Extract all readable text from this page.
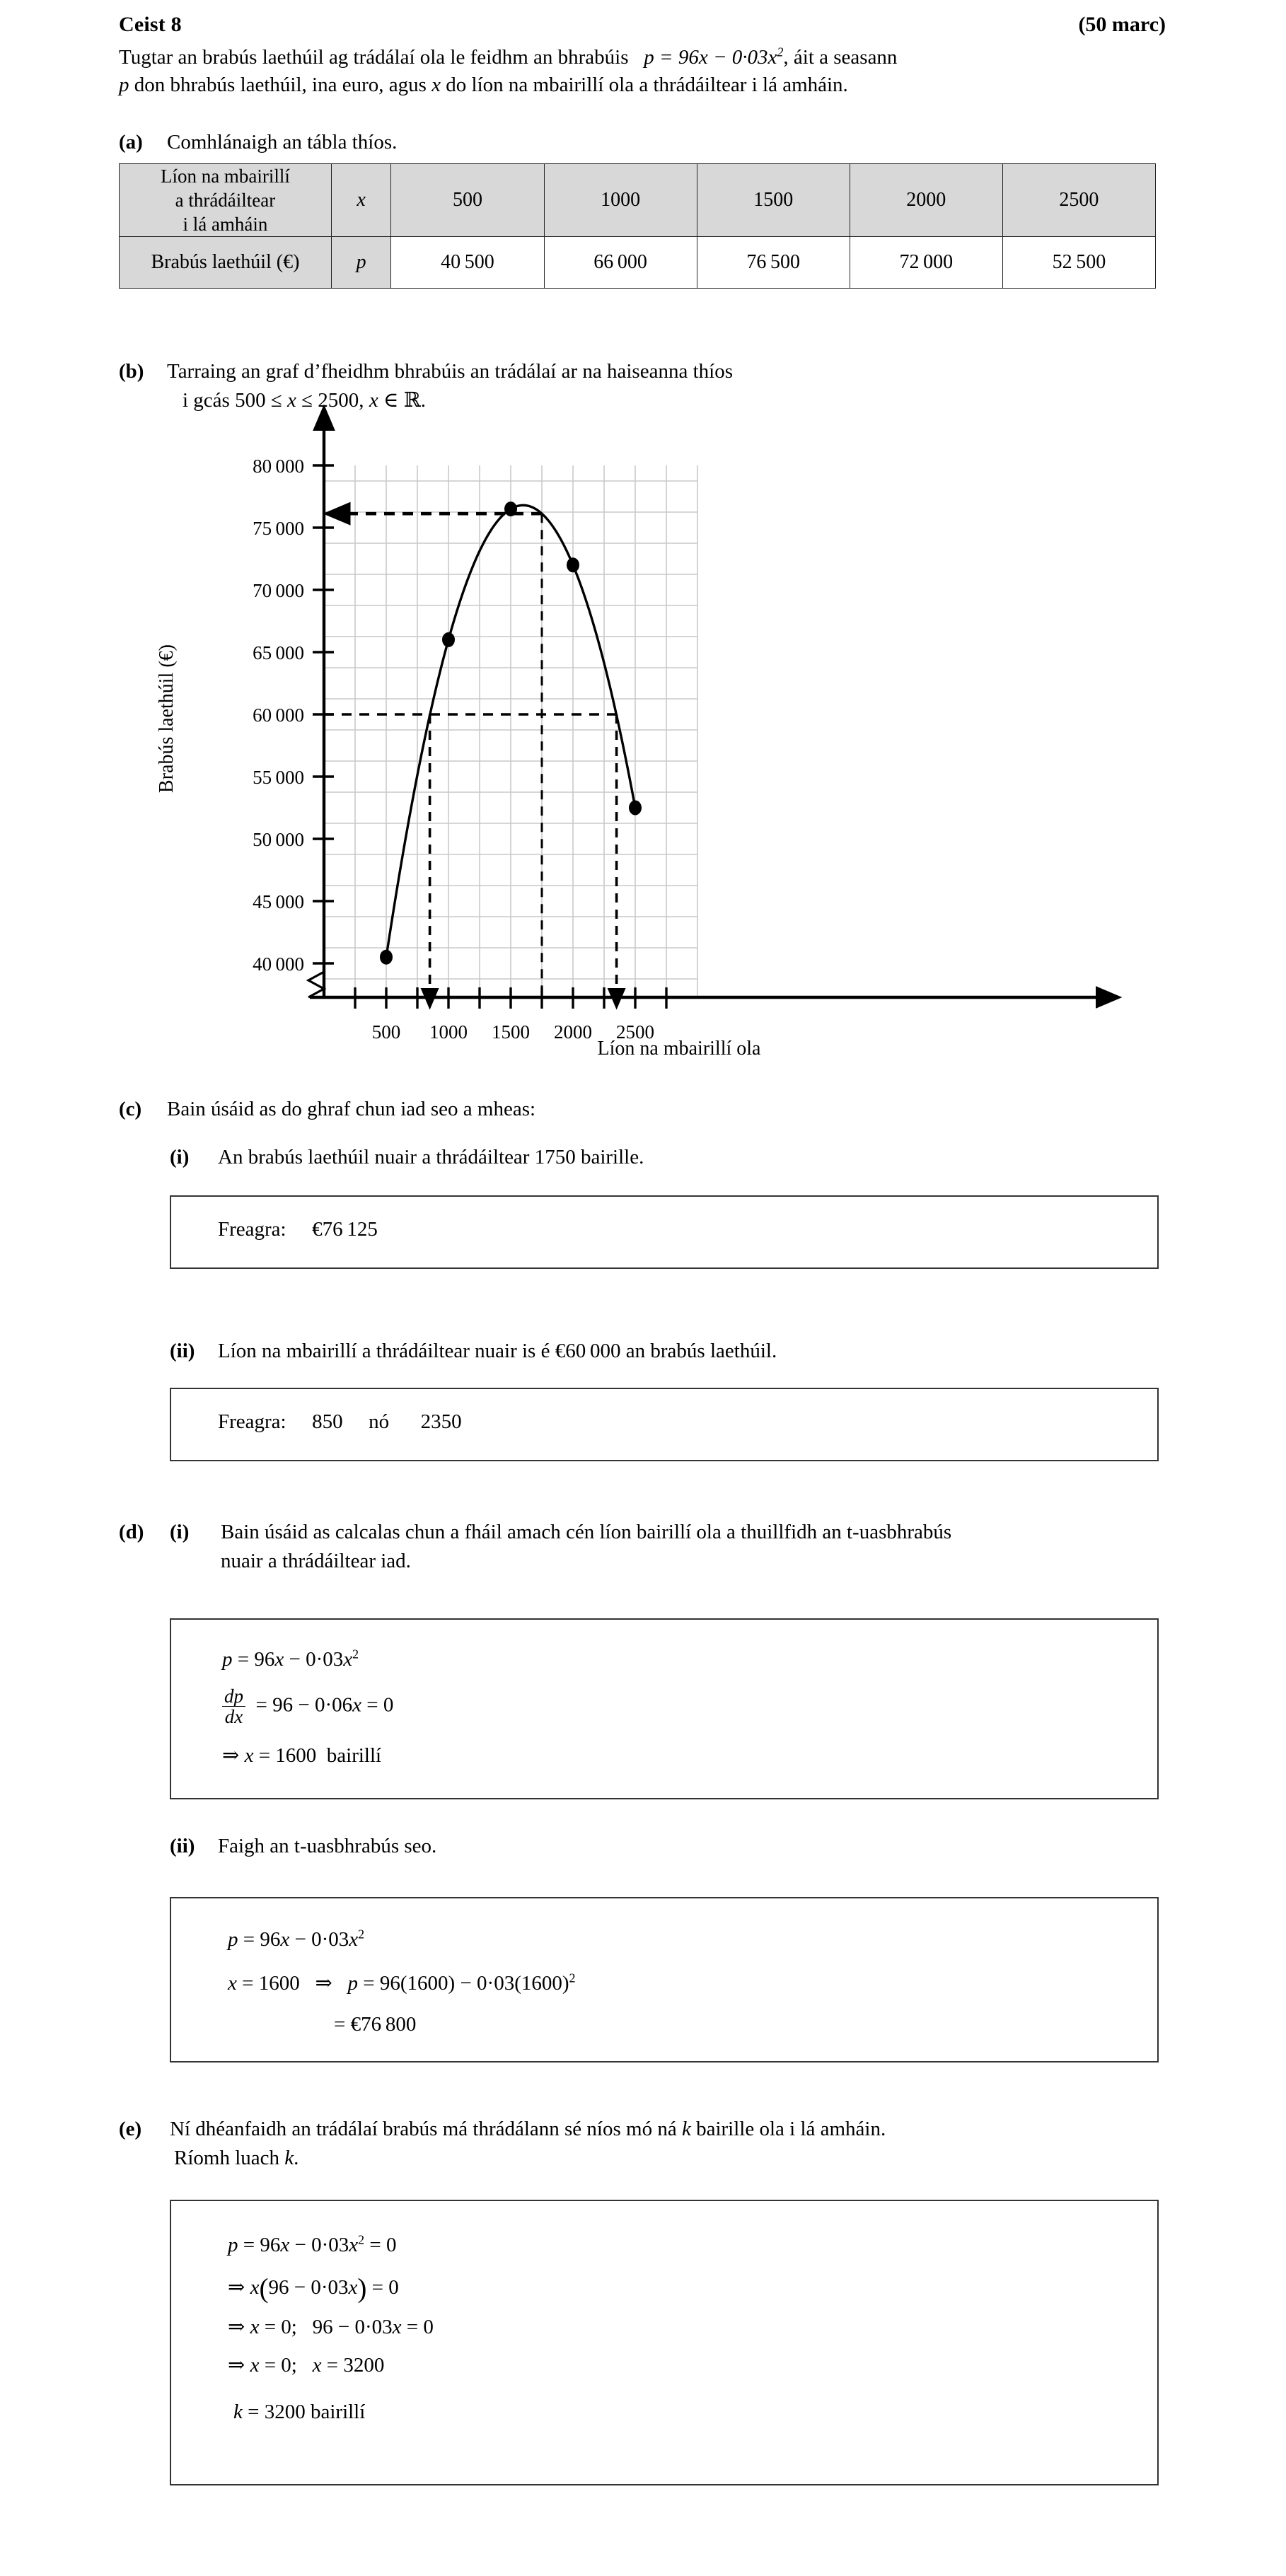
Ceist 8	(50 marc)
Tugtar an brabús lae​thúil ag trádálaí ola le feidhm an bhrabúis $p = 96x - 0\cdot 03x^2$, áit a seasann
p don bhrabús laethúil, ina euro, agus x do líon na mbairillí ola a thrádáiltear i lá amháin.
(a) Comhlánaigh an tábla thíos.
Líon na mbairillí
a thrádáiltear
i lá amháin	x	500	1000	1500	2000	2500
Brabús laethúil (€)	p	40 500	66 000	76 500	72 000	52 500
(b) Tarraing an graf d’fheidhm bhrabúis an trádálaí ar na haiseanna thíos
i gcás 500 ≤ x ≤ 2500, x ∈ ℝ.
40 000
45 000
50 000
55 000
60 000
65 000
70 000
75 000
80 000
500 1000 1500 2000 2500
Brabús laethúil (€)
Líon na mbairillí ola
(c) Bain úsáid as do ghraf chun iad seo a mheas:
(i) An brabús laethúil nuair a thrádáiltear 1750 bairille.
Freagra: €76 125
(ii) Líon na mbairillí a thrádáiltear nuair is é €60 000 an brabús laethúil.
Freagra: 850 nó 2350
(d) (i) Bain úsáid as calcalas chun a fháil amach cén líon bairillí ola a thuillfidh an t-uasbhrabús
nuair a thrádáiltear iad.
$p = 96x - 0\cdot 03x^2$
$\frac{dp}{dx} = 96 - 0\cdot 06x = 0$
⇒ x = 1600  bairillí
(ii) Faigh an t-uasbhrabús seo.
$p = 96x - 0\cdot 03x^2$
x = 1600   ⇒   $p = 96(1600) - 0\cdot 03(1600)^2$
= €76 800
(e) Ní dhéanfaidh an trádálaí brabús má thrádálann sé níos mó ná k bairille ola i lá amháin.
Ríomh luach k.
$p = 96x - 0\cdot 03x^2 = 0$
⇒ x(96 − 0·03x) = 0
⇒ x = 0;   96 − 0·03x = 0
⇒ x = 0;   x = 3200
k = 3200 bairillí
